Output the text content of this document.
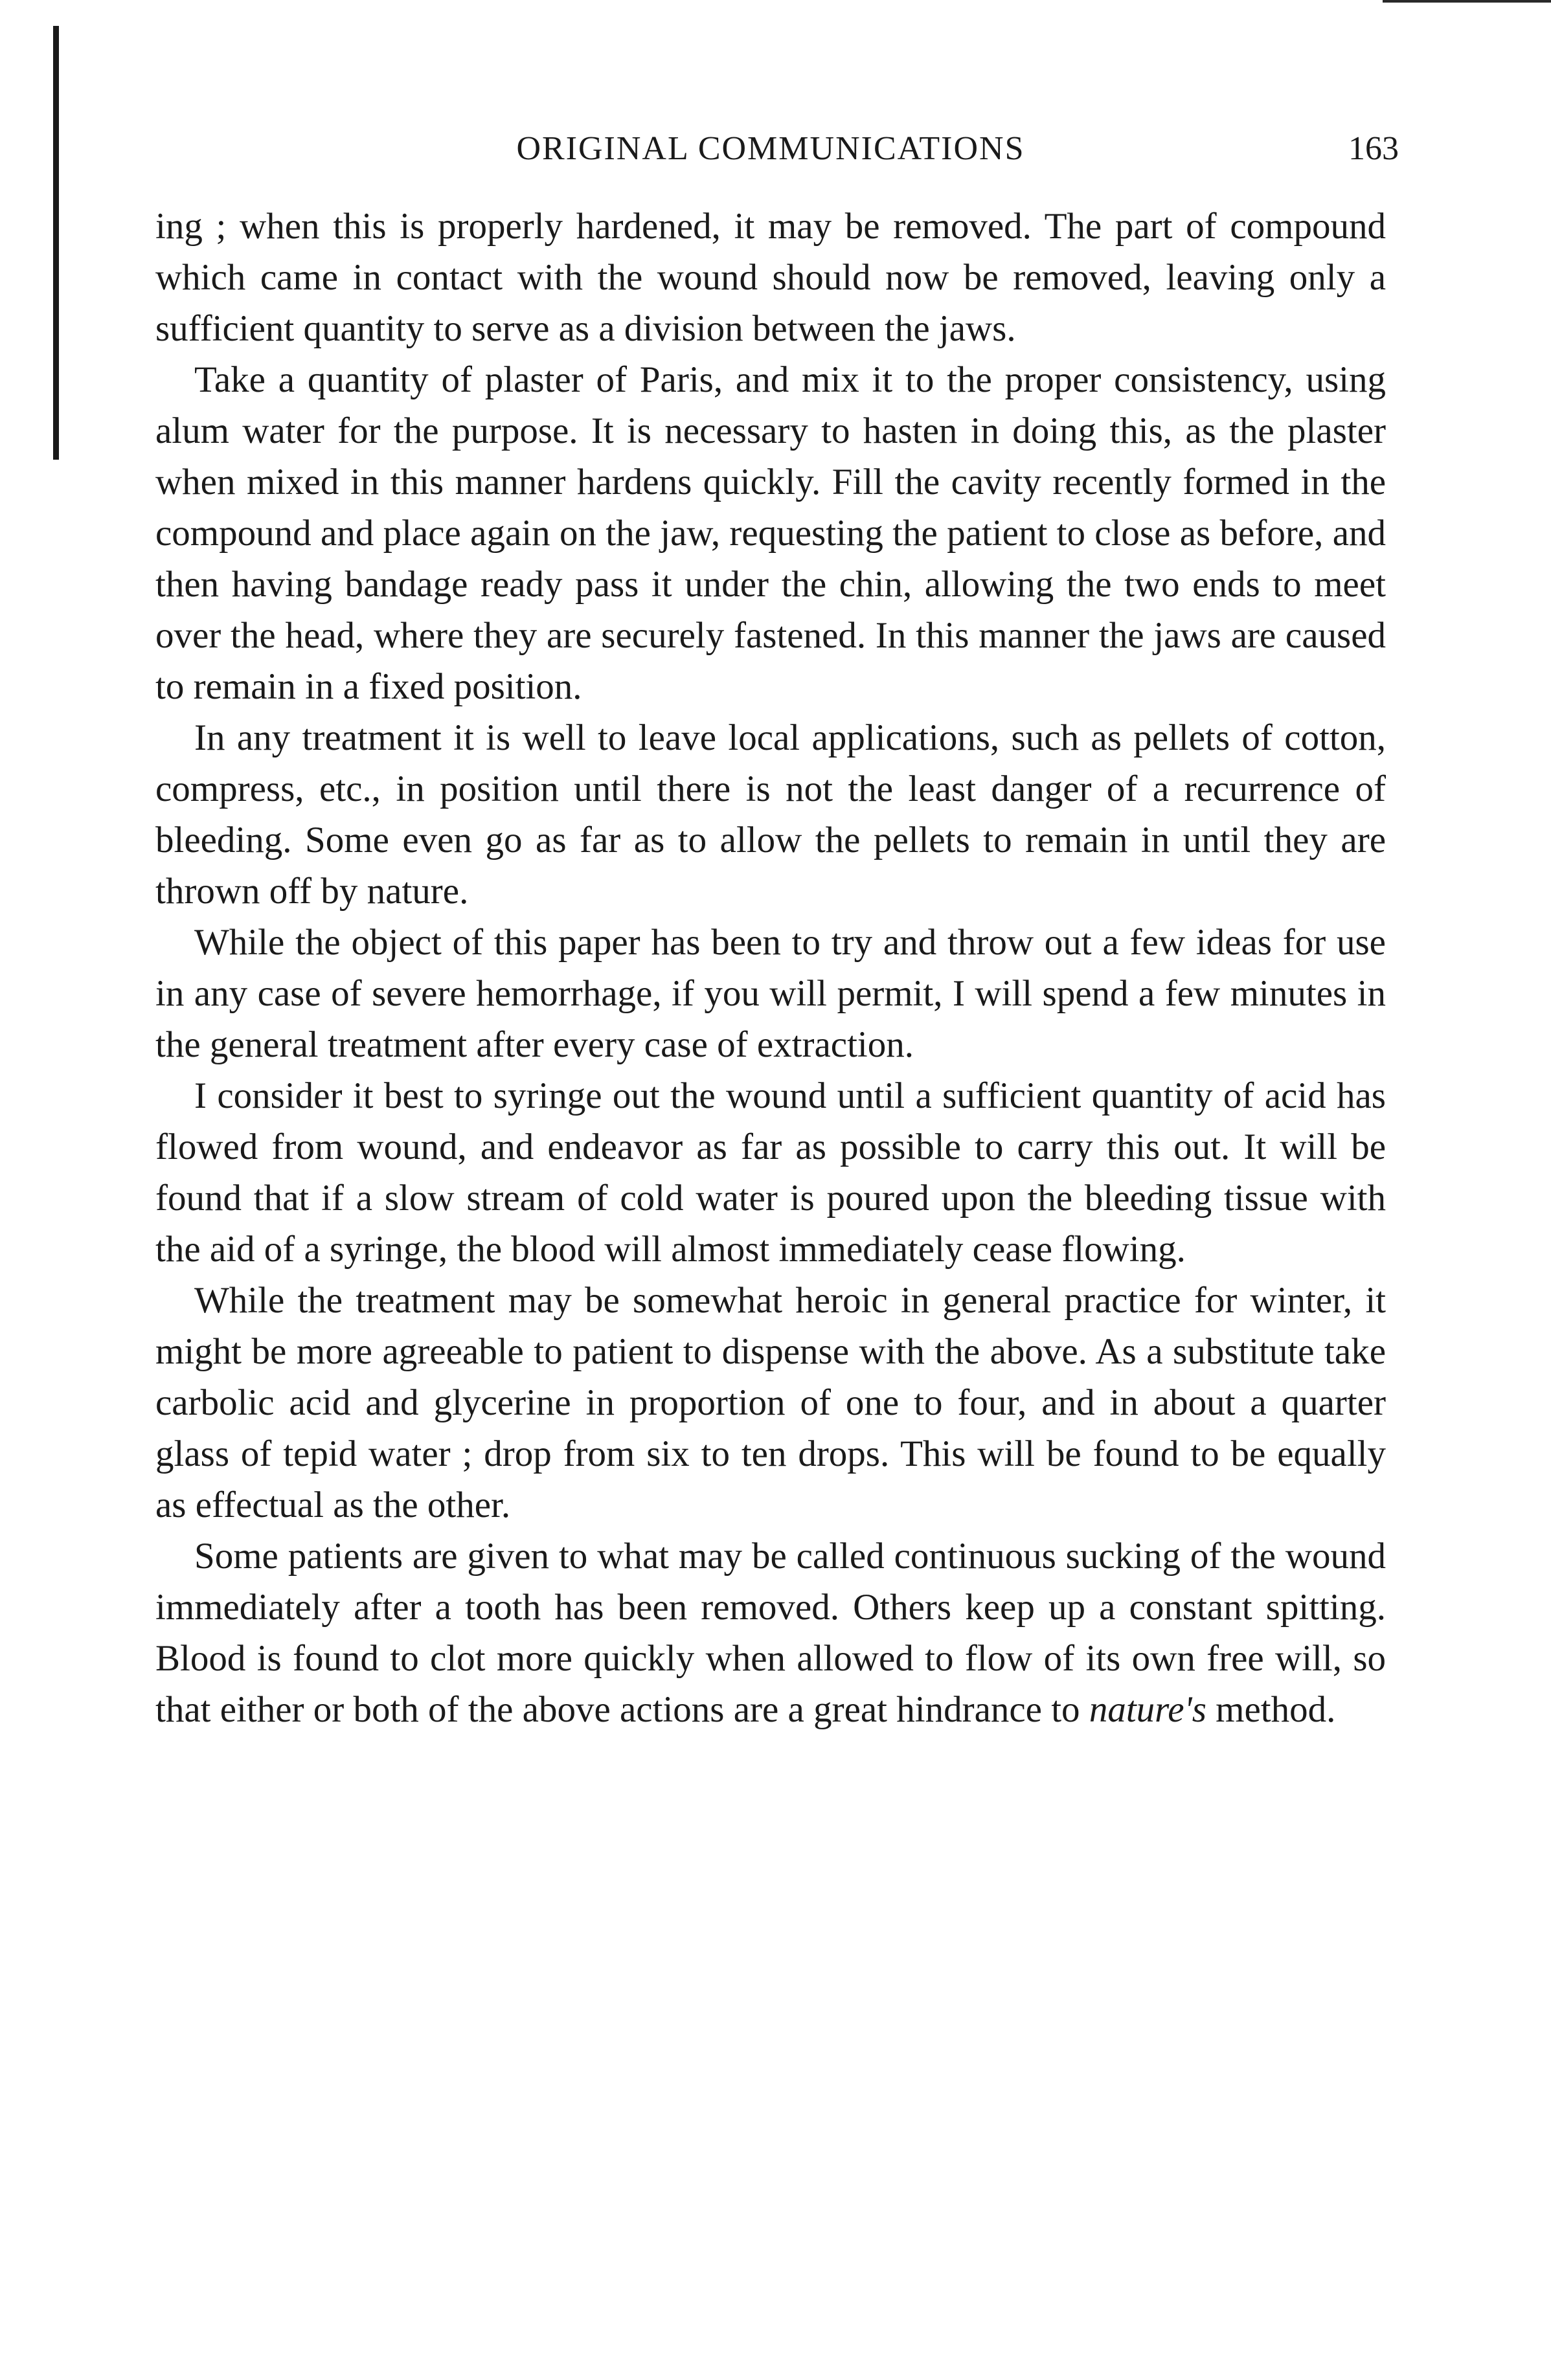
ORIGINAL COMMUNICATIONS	163

ing ; when this is properly hardened, it may be removed. The part of compound which came in contact with the wound should now be removed, leaving only a sufficient quantity to serve as a division between the jaws.

Take a quantity of plaster of Paris, and mix it to the proper consistency, using alum water for the purpose. It is necessary to hasten in doing this, as the plaster when mixed in this manner hardens quickly. Fill the cavity recently formed in the compound and place again on the jaw, requesting the patient to close as before, and then having bandage ready pass it under the chin, allowing the two ends to meet over the head, where they are securely fastened. In this manner the jaws are caused to remain in a fixed position.

In any treatment it is well to leave local applications, such as pellets of cotton, compress, etc., in position until there is not the least danger of a recurrence of bleeding. Some even go as far as to allow the pellets to remain in until they are thrown off by nature.

While the object of this paper has been to try and throw out a few ideas for use in any case of severe hemorrhage, if you will permit, I will spend a few minutes in the general treatment after every case of extraction.

I consider it best to syringe out the wound until a sufficient quantity of acid has flowed from wound, and endeavor as far as possible to carry this out. It will be found that if a slow stream of cold water is poured upon the bleeding tissue with the aid of a syringe, the blood will almost immediately cease flowing.

While the treatment may be somewhat heroic in general practice for winter, it might be more agreeable to patient to dispense with the above. As a substitute take carbolic acid and glycerine in proportion of one to four, and in about a quarter glass of tepid water ; drop from six to ten drops. This will be found to be equally as effectual as the other.

Some patients are given to what may be called continuous sucking of the wound immediately after a tooth has been removed. Others keep up a constant spitting. Blood is found to clot more quickly when allowed to flow of its own free will, so that either or both of the above actions are a great hindrance to nature's method.
